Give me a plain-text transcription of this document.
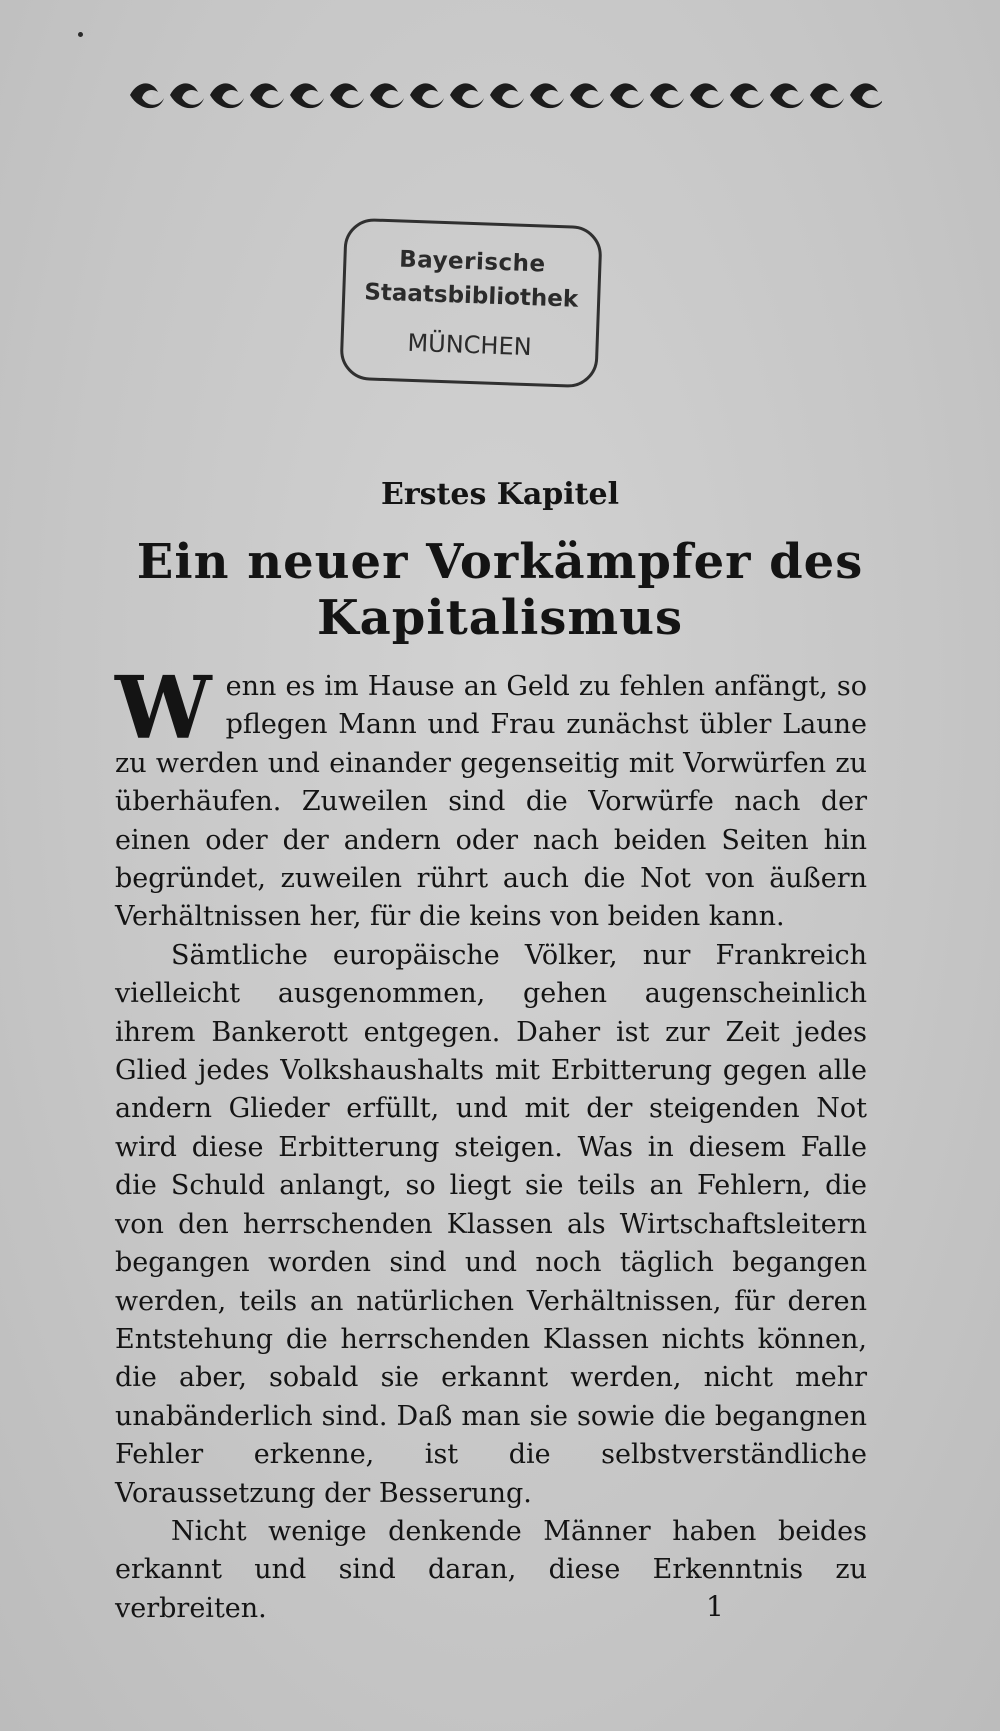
Bayerische
Staatsbibliothek
MÜNCHEN
Erstes Kapitel
Ein neuer Vorkämpfer des
Kapitalismus

Wenn es im Hause an Geld zu fehlen anfängt, so pflegen Mann und Frau zunächst übler Laune zu werden und einander gegenseitig mit Vorwürfen zu überhäufen. Zuweilen sind die Vorwürfe nach der einen oder der andern oder nach beiden Seiten hin begründet, zuweilen rührt auch die Not von äußern Verhältnissen her, für die keins von beiden kann.

Sämtliche europäische Völker, nur Frankreich vielleicht ausgenommen, gehen augenscheinlich ihrem Bankerott entgegen. Daher ist zur Zeit jedes Glied jedes Volkshaushalts mit Erbitterung gegen alle andern Glieder erfüllt, und mit der steigenden Not wird diese Erbitterung steigen. Was in diesem Falle die Schuld anlangt, so liegt sie teils an Fehlern, die von den herrschenden Klassen als Wirtschaftsleitern begangen worden sind und noch täglich begangen werden, teils an natürlichen Verhältnissen, für deren Entstehung die herrschenden Klassen nichts können, die aber, sobald sie erkannt werden, nicht mehr unabänderlich sind. Daß man sie sowie die begangnen Fehler erkenne, ist die selbstverständliche Voraussetzung der Besserung.

Nicht wenige denkende Männer haben beides erkannt und sind daran, diese Erkenntnis zu verbreiten.	1
